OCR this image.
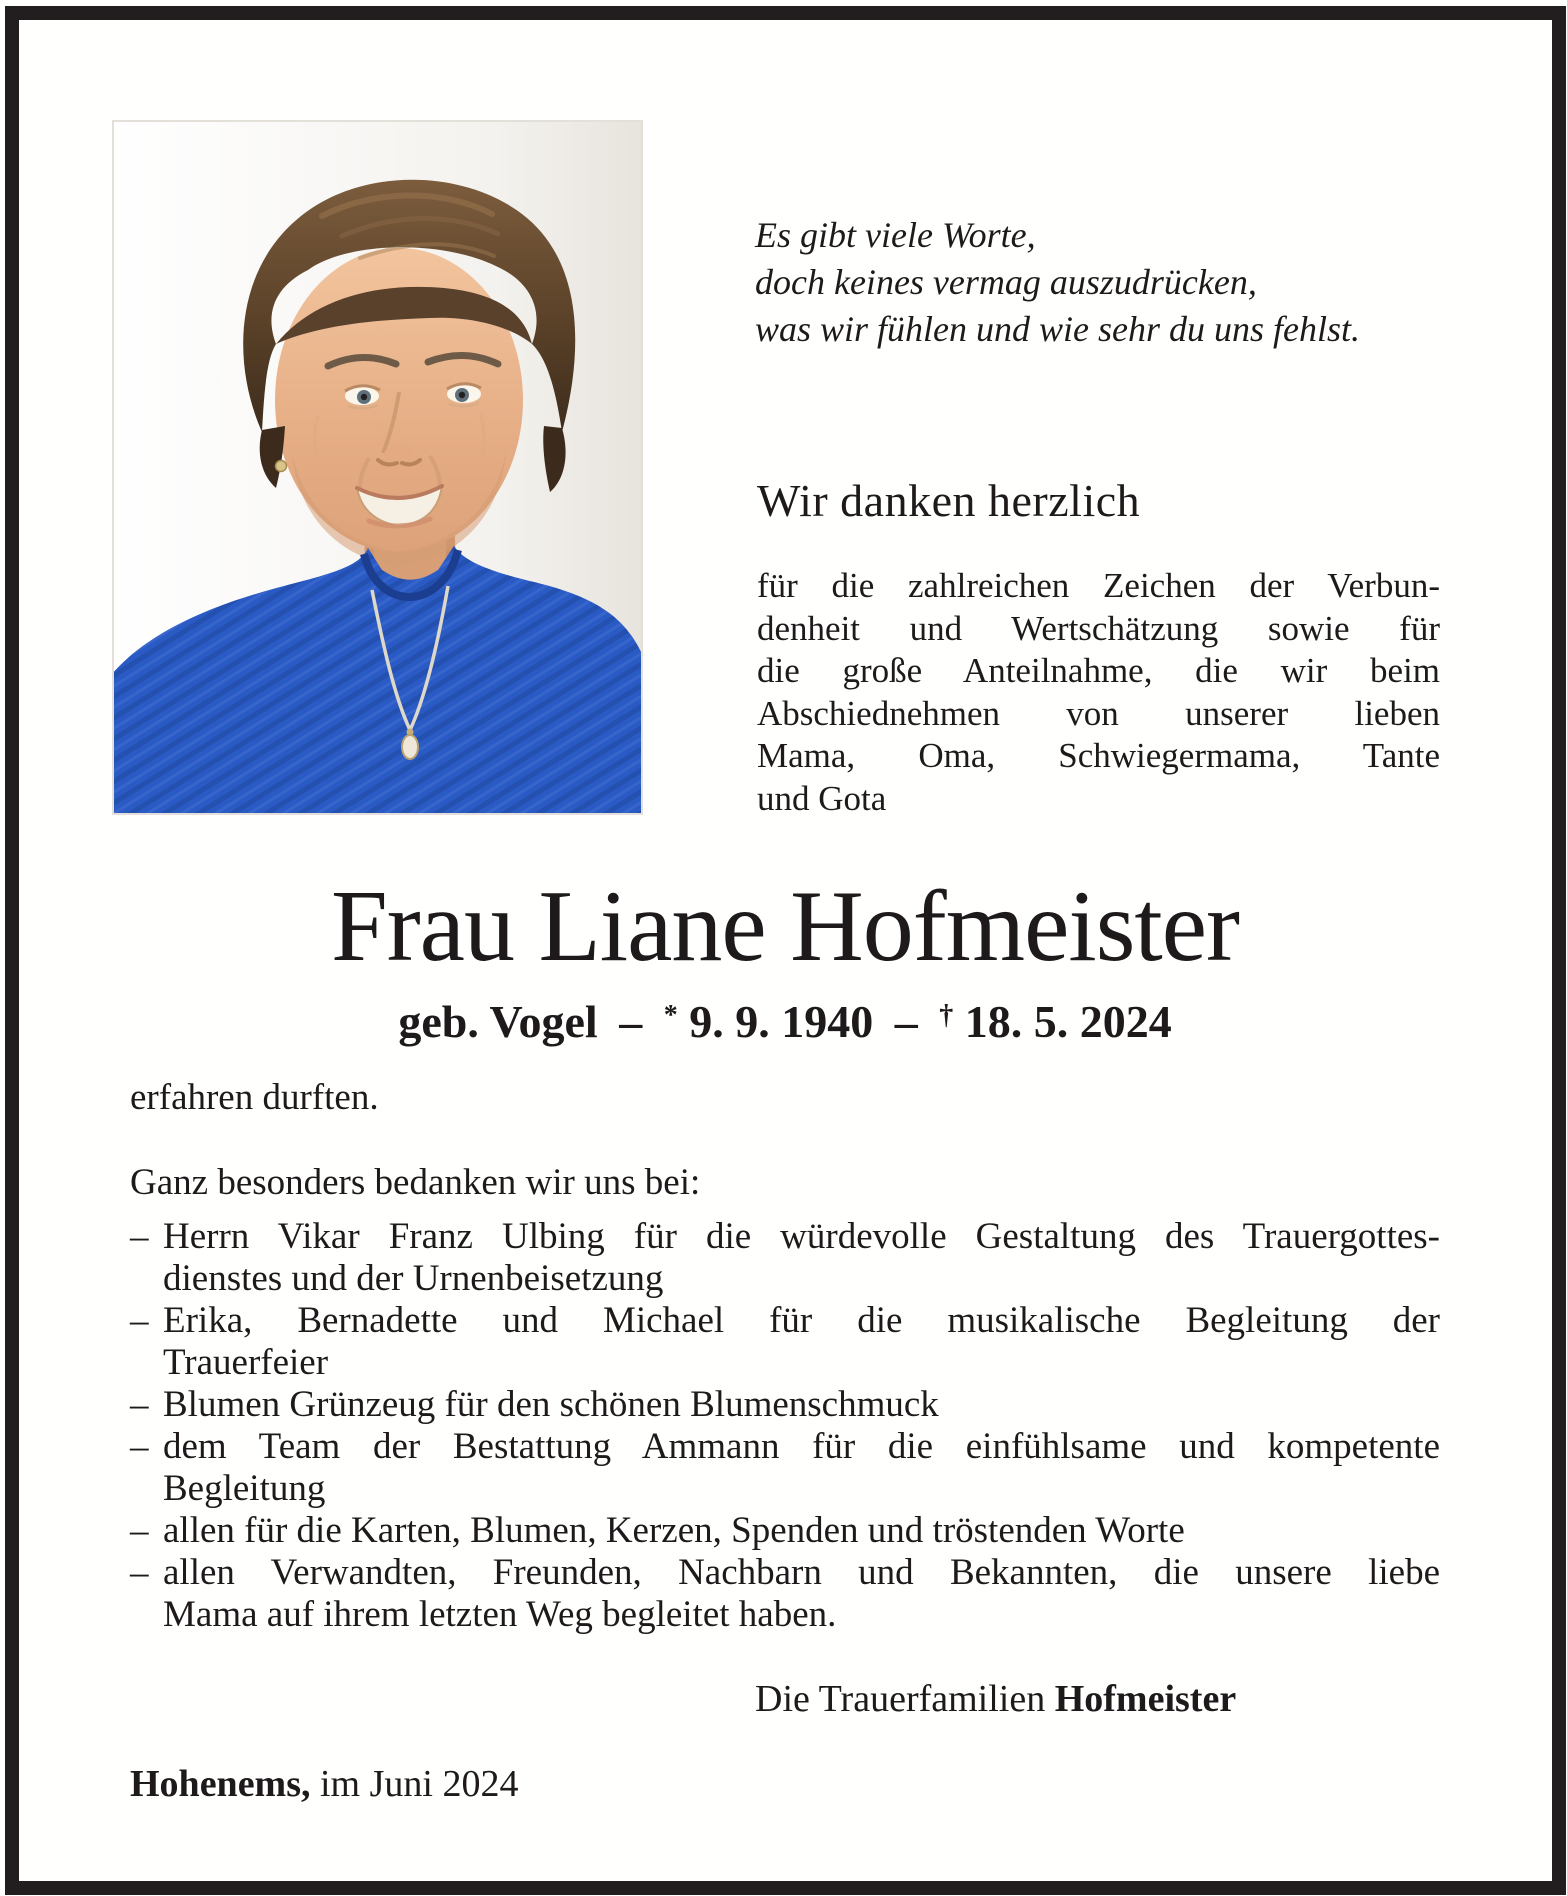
Es gibt viele Worte,
doch keines vermag auszudrücken,
was wir fühlen und wie sehr du uns fehlst.
Wir danken herzlich
für die zahlreichen Zeichen der Verbun-
denheit und Wertschätzung sowie für
die große Anteilnahme, die wir beim
Abschiednehmen von unserer lieben
Mama, Oma, Schwiegermama, Tante
und Gota
Frau Liane Hofmeister
geb. Vogel – * 9. 9. 1940 – † 18. 5. 2024
erfahren durften.
Ganz besonders bedanken wir uns bei:
– Herrn Vikar Franz Ulbing für die würdevolle Gestaltung des Trauergottes-
dienstes und der Urnenbeisetzung
– Erika, Bernadette und Michael für die musikalische Begleitung der
Trauerfeier
– Blumen Grünzeug für den schönen Blumenschmuck
– dem Team der Bestattung Ammann für die einfühlsame und kompetente
Begleitung
– allen für die Karten, Blumen, Kerzen, Spenden und tröstenden Worte
– allen Verwandten, Freunden, Nachbarn und Bekannten, die unsere liebe
Mama auf ihrem letzten Weg begleitet haben.
Die Trauerfamilien Hofmeister
Hohenems, im Juni 2024
